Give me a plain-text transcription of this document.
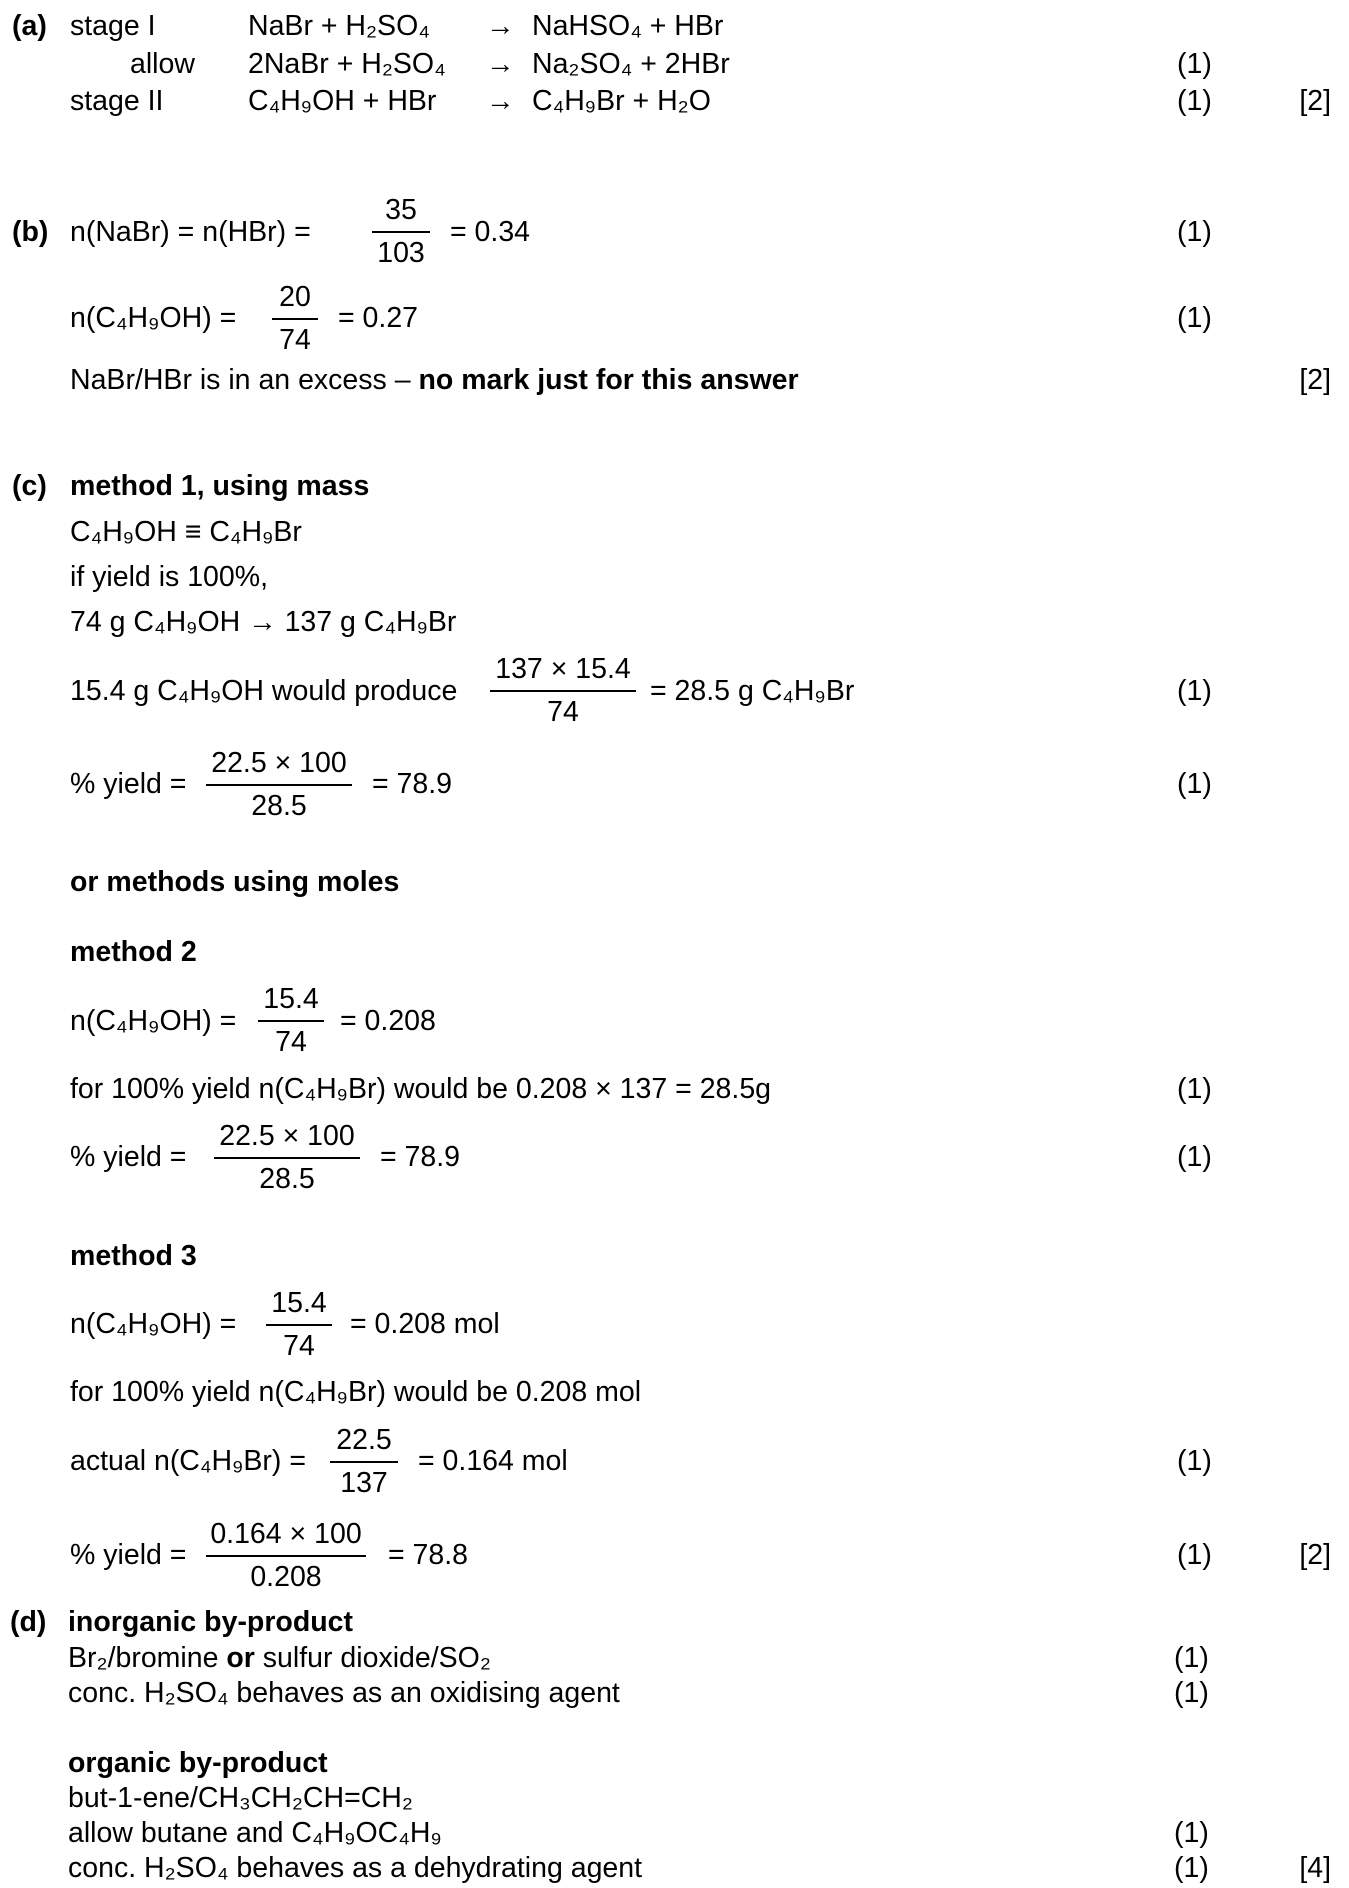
(a) stage I	NaBr + H₂SO₄ → NaHSO₄ + HBr
allow 2NaBr + H₂SO₄ → Na₂SO₄ + 2HBr	(1)
stage II	C₄H₉OH + HBr → C₄H₉Br + H₂O	(1)	[2]
(b) n(NaBr) = n(HBr) =
35
103
= 0.34	(1)
n(C₄H₉OH) =
20
74
= 0.27	(1)
NaBr/HBr is in an excess – no mark just for this answer	[2]
(c) method 1, using mass
C₄H₉OH ≡ C₄H₉Br
if yield is 100%,
74 g C₄H₉OH → 137 g C₄H₉Br
15.4 g C₄H₉OH would produce
137 × 15.4
74
= 28.5 g C₄H₉Br	(1)
% yield =
22.5 × 100
28.5
= 78.9	(1)
or methods using moles
method 2
n(C₄H₉OH) =
15.4
74
= 0.208
for 100% yield n(C₄H₉Br) would be 0.208 × 137 = 28.5g	(1)
% yield =
22.5 × 100
28.5
= 78.9	(1)
method 3
n(C₄H₉OH) =
15.4
74
= 0.208 mol
for 100% yield n(C₄H₉Br) would be 0.208 mol
actual n(C₄H₉Br) =
22.5
137
= 0.164 mol	(1)
% yield =
0.164 × 100
0.208
= 78.8	(1)	[2]
(d) inorganic by-product
Br₂/bromine or sulfur dioxide/SO₂	(1)
conc. H₂SO₄ behaves as an oxidising agent	(1)
organic by-product
but-1-ene/CH₃CH₂CH=CH₂
allow butane and C₄H₉OC₄H₉	(1)
conc. H₂SO₄ behaves as a dehydrating agent	(1)	[4]
